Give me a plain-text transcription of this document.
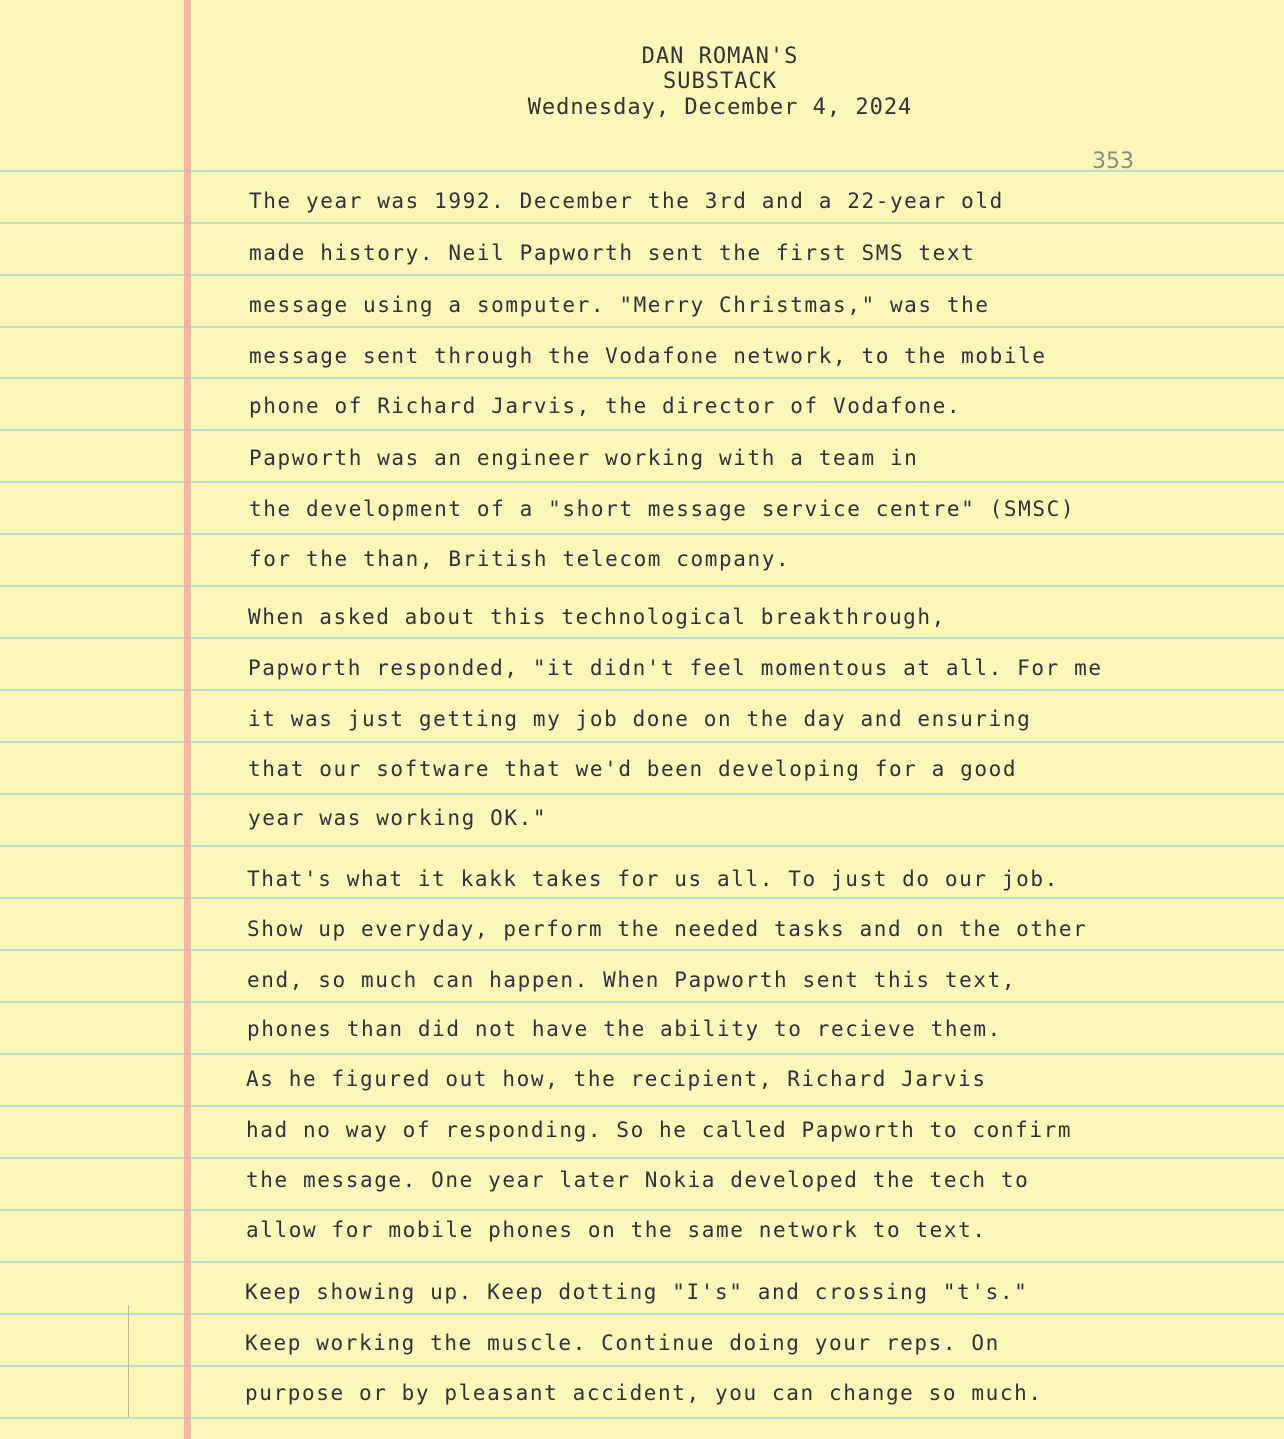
DAN ROMAN'S
SUBSTACK
Wednesday, December 4, 2024
353
The year was 1992. December the 3rd and a 22-year old
made history. Neil Papworth sent the first SMS text
message using a somputer. "Merry Christmas," was the
message sent through the Vodafone network, to the mobile
phone of Richard Jarvis, the director of Vodafone.
Papworth was an engineer working with a team in
the development of a "short message service centre" (SMSC)
for the than, British telecom company.
When asked about this technological breakthrough,
Papworth responded, "it didn't feel momentous at all. For me
it was just getting my job done on the day and ensuring
that our software that we'd been developing for a good
year was working OK."
That's what it kakk takes for us all. To just do our job.
Show up everyday, perform the needed tasks and on the other
end, so much can happen. When Papworth sent this text,
phones than did not have the ability to recieve them.
As he figured out how, the recipient, Richard Jarvis
had no way of responding. So he called Papworth to confirm
the message. One year later Nokia developed the tech to
allow for mobile phones on the same network to text.
Keep showing up. Keep dotting "I's" and crossing "t's."
Keep working the muscle. Continue doing your reps. On
purpose or by pleasant accident, you can change so much.
